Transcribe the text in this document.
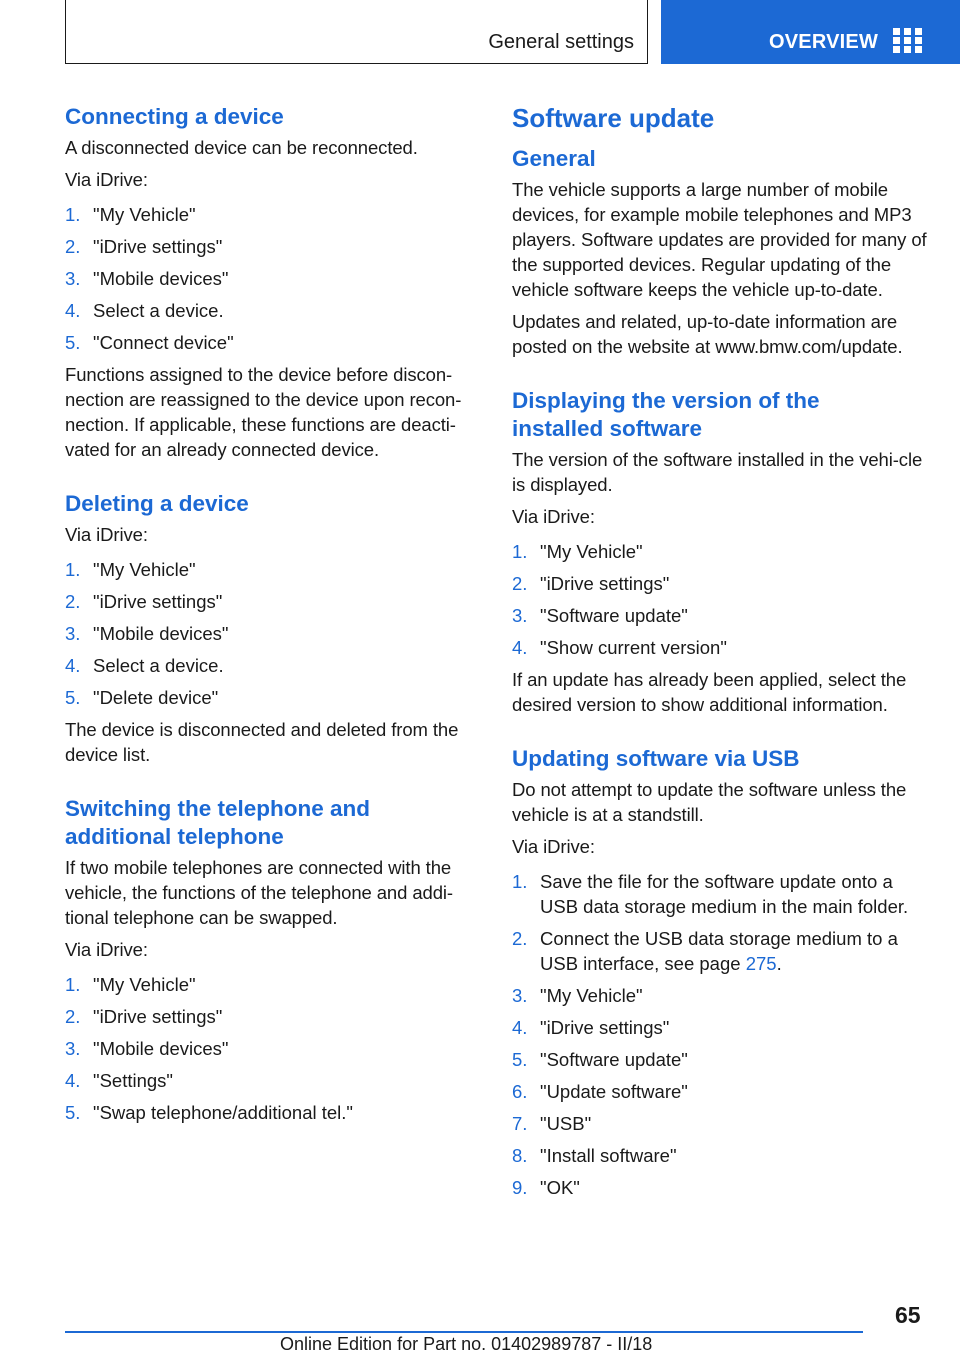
General settings	OVERVIEW
Connecting a device

A disconnected device can be reconnected.

Via iDrive:

1. "My Vehicle"
2. "iDrive settings"
3. "Mobile devices"
4. Select a device.
5. "Connect device"

Functions assigned to the device before discon-nection are reassigned to the device upon recon-nection. If applicable, these functions are deacti-vated for an already connected device.

Deleting a device

Via iDrive:

1. "My Vehicle"
2. "iDrive settings"
3. "Mobile devices"
4. Select a device.
5. "Delete device"

The device is disconnected and deleted from the device list.

Switching the telephone and
additional telephone

If two mobile telephones are connected with the vehicle, the functions of the telephone and addi-tional telephone can be swapped.

Via iDrive:

1. "My Vehicle"
2. "iDrive settings"
3. "Mobile devices"
4. "Settings"
5. "Swap telephone/additional tel."
Software update
General

The vehicle supports a large number of mobile devices, for example mobile telephones and MP3 players. Software updates are provided for many of the supported devices. Regular updating of the vehicle software keeps the vehicle up-to-date.

Updates and related, up-to-date information are posted on the website at www.bmw.com/update.

Displaying the version of the
installed software

The version of the software installed in the vehi-cle is displayed.

Via iDrive:

1. "My Vehicle"
2. "iDrive settings"
3. "Software update"
4. "Show current version"

If an update has already been applied, select the desired version to show additional information.

Updating software via USB

Do not attempt to update the software unless the vehicle is at a standstill.

Via iDrive:

1. Save the file for the software update onto a USB data storage medium in the main folder.
2. Connect the USB data storage medium to a USB interface, see page 275.
3. "My Vehicle"
4. "iDrive settings"
5. "Software update"
6. "Update software"
7. "USB"
8. "Install software"
9. "OK"
65
Online Edition for Part no. 01402989787 - II/18
